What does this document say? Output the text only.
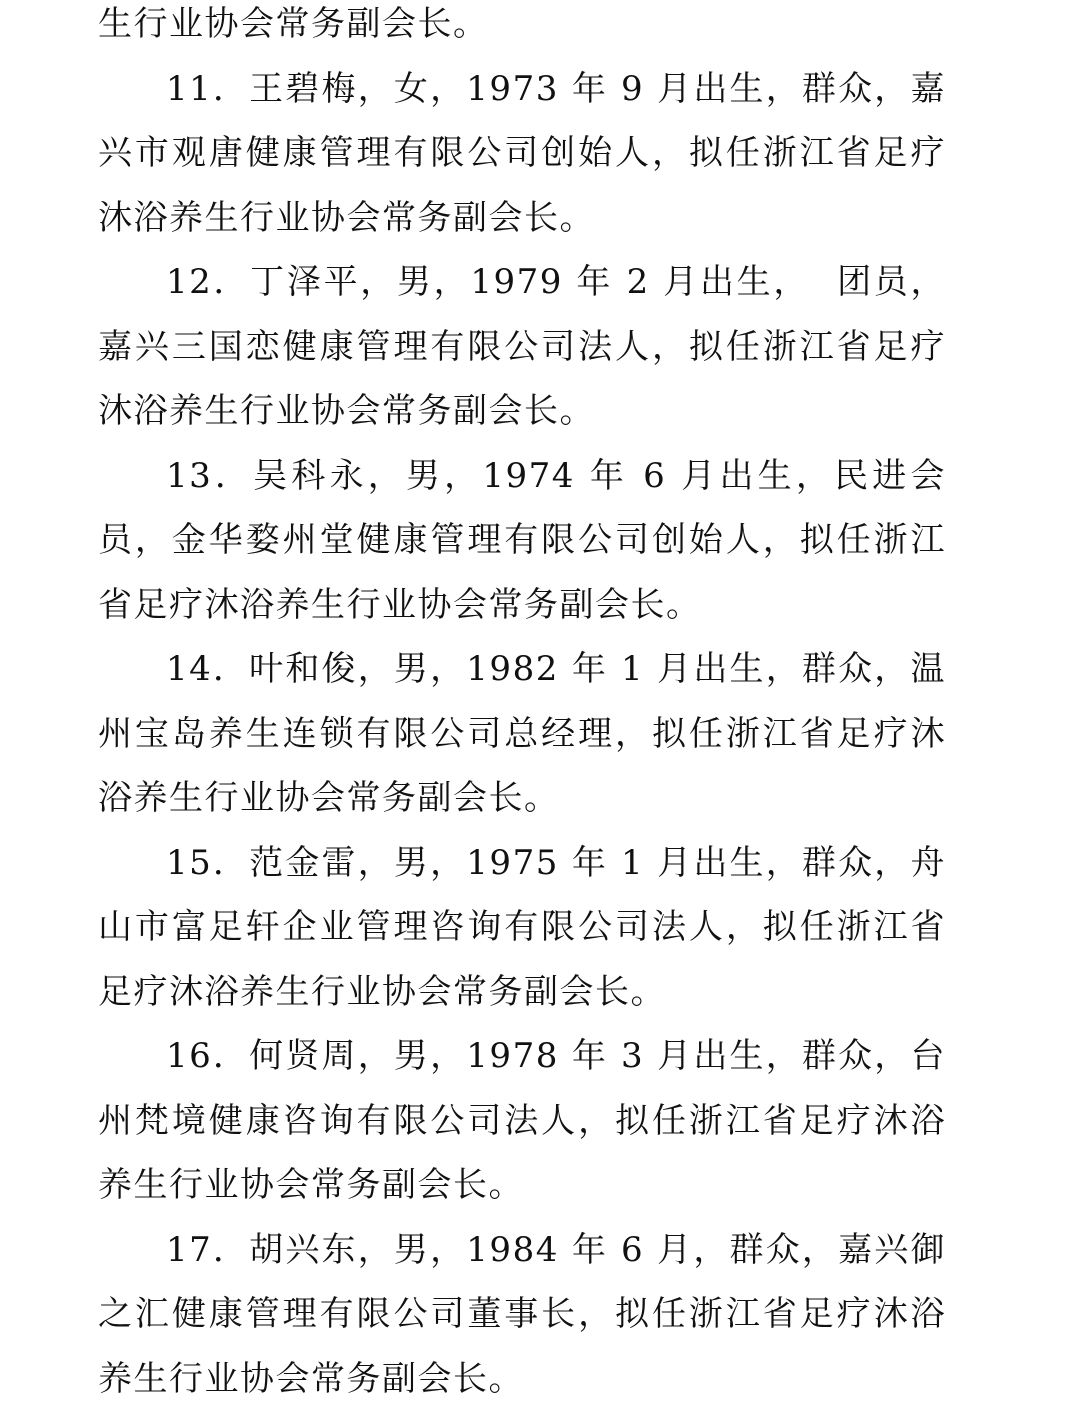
生行业协会常务副会长。

11．王碧梅，女，1973 年 9 月出生，群众，嘉兴市观唐健康管理有限公司创始人，拟任浙江省足疗沐浴养生行业协会常务副会长。

12．丁泽平，男，1979 年 2 月出生，  团员，嘉兴三国恋健康管理有限公司法人，拟任浙江省足疗沐浴养生行业协会常务副会长。

13．吴科永，男，1974 年 6 月出生，民进会员，金华婺州堂健康管理有限公司创始人，拟任浙江省足疗沐浴养生行业协会常务副会长。

14．叶和俊，男，1982 年 1 月出生，群众，温州宝岛养生连锁有限公司总经理，拟任浙江省足疗沐浴养生行业协会常务副会长。

15．范金雷，男，1975 年 1 月出生，群众，舟山市富足轩企业管理咨询有限公司法人，拟任浙江省足疗沐浴养生行业协会常务副会长。

16．何贤周，男，1978 年 3 月出生，群众，台州梵境健康咨询有限公司法人，拟任浙江省足疗沐浴养生行业协会常务副会长。

17．胡兴东，男，1984 年 6 月，群众，嘉兴御之汇健康管理有限公司董事长，拟任浙江省足疗沐浴养生行业协会常务副会长。
